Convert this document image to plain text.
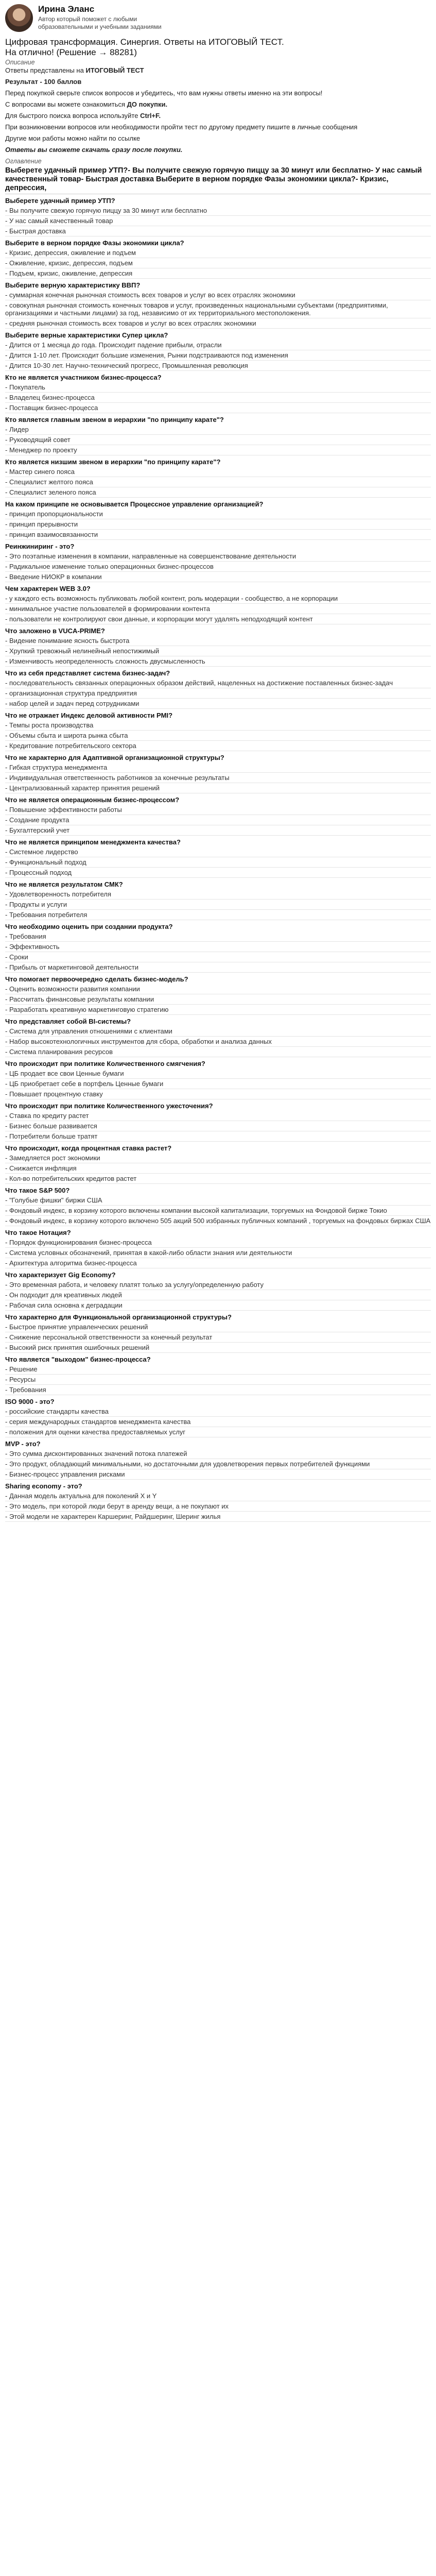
Ирина Эланс
Автор который поможет с любыми образовательными и учебными заданиями
Цифровая трансформация. Синергия. Ответы на ИТОГОВЫЙ ТЕСТ. На отлично! (Решение → 88281)
Описание

Ответы представлены на ИТОГОВЫЙ ТЕСТ

Результат - 100 баллов

Перед покупкой сверьте список вопросов и убедитесь, что вам нужны ответы именно на эти вопросы!

С вопросами вы можете ознакомиться ДО покупки.

Для быстрого поиска вопроса используйте Ctrl+F.

При возникновении вопросов или необходимости пройти тест по другому предмету пишите в личные сообщения

Другие мои работы можно найти по ссылке

Ответы вы сможете скачать сразу после покупки.

Оглавление
Выберете удачный пример УТП?- Вы получите свежую горячую пиццу за 30 минут или бесплатно- У нас самый качественный товар- Быстрая доставка Выберите в верном порядке Фазы экономики цикла?- Кризис, депрессия,
Выберете удачный пример УТП?
- Вы получите свежую горячую пиццу за 30 минут или бесплатно
- У нас самый качественный товар
- Быстрая доставка
Выберите в верном порядке Фазы экономики цикла?
- Кризис, депрессия, оживление и подъем
- Оживление, кризис, депрессия, подъем
- Подъем, кризис, оживление, депрессия
Выберите верную характеристику ВВП?
- суммарная конечная рыночная стоимость всех товаров и услуг во всех отраслях экономики
- совокупная рыночная стоимость конечных товаров и услуг, произведенных национальными субъектами (предприятиями, организациями и частными лицами) за год, независимо от их территориального местоположения.
- средняя рыночная стоимость всех товаров и услуг во всех отраслях экономики
Выберите верные характеристики Супер цикла?
- Длится от 1 месяца до года. Происходит падение прибыли, отрасли
- Длится 1-10 лет. Происходит большие изменения, Рынки подстраиваются под изменения
- Длится 10-30 лет. Научно-технический прогресс, Промышленная революция
Кто не является участником бизнес-процесса?
- Покупатель
- Владелец бизнес-процесса
- Поставщик бизнес-процесса
Кто является главным звеном в иерархии "по принципу карате"?
- Лидер
- Руководящий совет
- Менеджер по проекту
Кто является низшим звеном в иерархии "по принципу карате"?
- Мастер синего пояса
- Специалист желтого пояса
- Специалист зеленого пояса
На каком принципе не основывается Процессное управление организацией?
- принцип пропорциональности
- принцип прерывности
- принцип взаимосвязанности
Реинжиниринг - это?
- Это поэтапные изменения в компании, направленные на совершенствование деятельности
- Радикальное изменение только операционных бизнес-процессов
- Введение НИОКР в компании
Чем характерен WEB 3.0?
- у каждого есть возможность публиковать любой контент, роль модерации - сообщество, а не корпорации
- минимальное участие пользователей в формировании контента
- пользователи не контролируют свои данные, и корпорации могут удалять неподходящий контент
Что заложено в VUCA-PRIME?
- Видение понимание ясность быстрота
- Хрупкий тревожный нелинейный непостижимый
- Изменчивость неопределенность сложность двусмысленность
Что из себя представляет система бизнес-задач?
- последовательность связанных операционных образом действий, нацеленных на достижение поставленных бизнес-задач
- организационная структура предприятия
- набор целей и задач перед сотрудниками
Что не отражает Индекс деловой активности PMI?
- Темпы роста производства
- Объемы сбыта и широта рынка сбыта
- Кредитование потребительского сектора
Что не характерно для Адаптивной организационной структуры?
- Гибкая структура менеджмента
- Индивидуальная ответственность работников за конечные результаты
- Централизованный характер принятия решений
Что не является операционным бизнес-процессом?
- Повышение эффективности работы
- Создание продукта
- Бухгалтерский учет
Что не является принципом менеджмента качества?
- Системное лидерство
- Функциональный подход
- Процессный подход
Что не является результатом СМК?
- Удовлетворенность потребителя
- Продукты и услуги
- Требования потребителя
Что необходимо оценить при создании продукта?
- Требования
- Эффективность
- Сроки
- Прибыль от маркетинговой деятельности
Что помогает первоочередно сделать бизнес-модель?
- Оценить возможности развития компании
- Рассчитать финансовые результаты компании
- Разработать креативную маркетинговую стратегию
Что представляет собой BI-системы?
- Система для управления отношениями с клиентами
- Набор высокотехнологичных инструментов для сбора, обработки и анализа данных
- Система планирования ресурсов
Что происходит при политике Количественного смягчения?
- ЦБ продает все свои Ценные бумаги
- ЦБ приобретает себе в портфель Ценные бумаги
- Повышает процентную ставку
Что происходит при политике Количественного ужесточения?
- Ставка по кредиту растет
- Бизнес больше развивается
- Потребители больше тратят
Что происходит, когда процентная ставка растет?
- Замедляется рост экономики
- Снижается инфляция
- Кол-во потребительских кредитов растет
Что такое S&P 500?
- "Голубые фишки" биржи США
- Фондовый индекс, в корзину которого включены компании высокой капитализации, торгуемых на Фондовой бирже Токио
- Фондовый индекс, в корзину которого включено 505 акций 500 избранных публичных компаний , торгуемых на фондовых биржах США
Что такое Нотация?
- Порядок функционирования бизнес-процесса
- Система условных обозначений, принятая в какой-либо области знания или деятельности
- Архитектура алгоритма бизнес-процесса
Что характеризует Gig Economy?
- Это временная работа, и человеку платят только за услугу/определенную работу
- Он подходит для креативных людей
- Рабочая сила основна к деградации
Что характерно для Функциональной организационной структуры?
- Быстрое принятие управленческих решений
- Снижение персональной ответственности за конечный результат
- Высокий риск принятия ошибочных решений
Что является "выходом" бизнес-процесса?
- Решение
- Ресурсы
- Требования
ISO 9000 - это?
- российские стандарты качества
- серия международных стандартов менеджмента качества
- положения для оценки качества предоставляемых услуг
MVP - это?
- Это сумма дисконтированных значений потока платежей
- Это продукт, обладающий минимальными, но достаточными для удовлетворения первых потребителей функциями
- Бизнес-процесс управления рисками
Sharing economy - это?
- Данная модель актуальна для поколений X и Y
- Это модель, при которой люди берут в аренду вещи, а не покупают их
- Этой модели не характерен Каршеринг, Райдшеринг, Шеринг жилья
